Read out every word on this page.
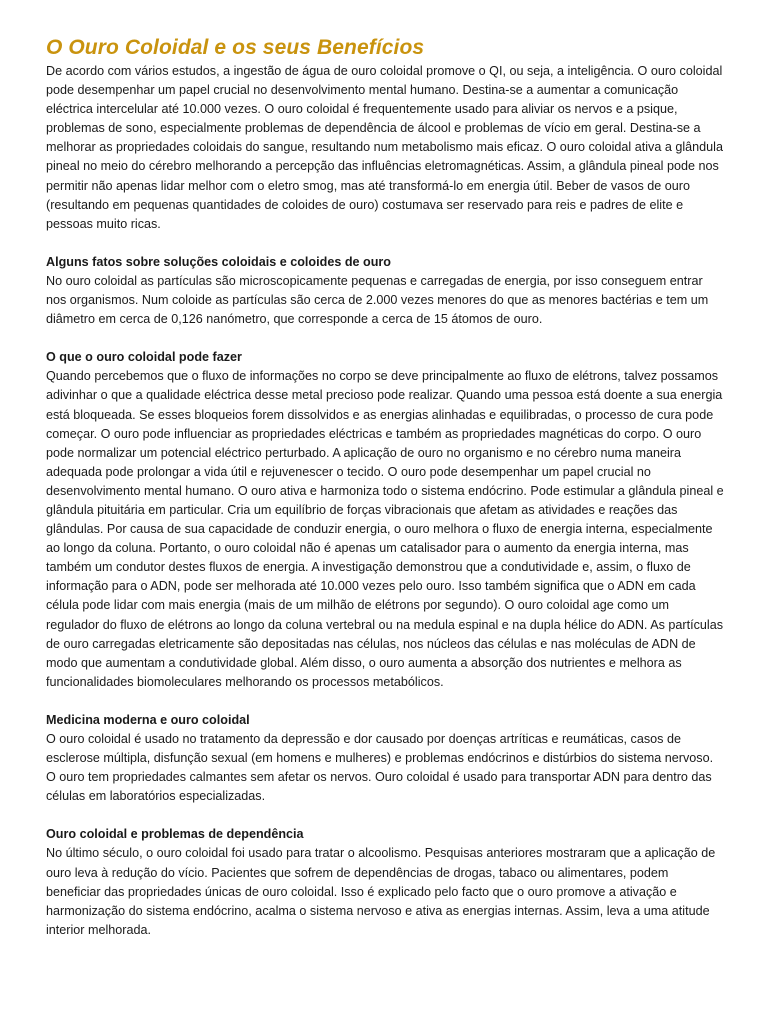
O Ouro Coloidal e os seus Benefícios

De acordo com vários estudos, a ingestão de água de ouro coloidal promove o QI, ou seja, a inteligência. O ouro coloidal pode desempenhar um papel crucial no desenvolvimento mental humano. Destina-se a aumentar a comunicação eléctrica intercelular até 10.000 vezes. O ouro coloidal é frequentemente usado para aliviar os nervos e a psique, problemas de sono, especialmente problemas de dependência de álcool e problemas de vício em geral. Destina-se a melhorar as propriedades coloidais do sangue, resultando num metabolismo mais eficaz. O ouro coloidal ativa a glândula pineal no meio do cérebro melhorando a percepção das influências eletromagnéticas. Assim, a glândula pineal pode nos permitir não apenas lidar melhor com o eletro smog, mas até transformá-lo em energia útil. Beber de vasos de ouro (resultando em pequenas quantidades de coloides de ouro) costumava ser reservado para reis e padres de elite e pessoas muito ricas.

Alguns fatos sobre soluções coloidais e coloides de ouro

No ouro coloidal as partículas são microscopicamente pequenas e carregadas de energia, por isso conseguem entrar nos organismos. Num coloide as partículas são cerca de 2.000 vezes menores do que as menores bactérias e tem um diâmetro em cerca de 0,126 nanómetro, que corresponde a cerca de 15 átomos de ouro.

O que o ouro coloidal pode fazer

Quando percebemos que o fluxo de informações no corpo se deve principalmente ao fluxo de elétrons, talvez possamos adivinhar o que a qualidade eléctrica desse metal precioso pode realizar. Quando uma pessoa está doente a sua energia está bloqueada. Se esses bloqueios forem dissolvidos e as energias alinhadas e equilibradas, o processo de cura pode começar. O ouro pode influenciar as propriedades eléctricas e também as propriedades magnéticas do corpo. O ouro pode normalizar um potencial eléctrico perturbado. A aplicação de ouro no organismo e no cérebro numa maneira adequada pode prolongar a vida útil e rejuvenescer o tecido. O ouro pode desempenhar um papel crucial no desenvolvimento mental humano. O ouro ativa e harmoniza todo o sistema endócrino. Pode estimular a glândula pineal e glândula pituitária em particular. Cria um equilíbrio de forças vibracionais que afetam as atividades e reações das glândulas. Por causa de sua capacidade de conduzir energia, o ouro melhora o fluxo de energia interna, especialmente ao longo da coluna. Portanto, o ouro coloidal não é apenas um catalisador para o aumento da energia interna, mas também um condutor destes fluxos de energia. A investigação demonstrou que a condutividade e, assim, o fluxo de informação para o ADN, pode ser melhorada até 10.000 vezes pelo ouro. Isso também significa que o ADN em cada célula pode lidar com mais energia (mais de um milhão de elétrons por segundo). O ouro coloidal age como um regulador do fluxo de elétrons ao longo da coluna vertebral ou na medula espinal e na dupla hélice do ADN. As partículas de ouro carregadas eletricamente são depositadas nas células, nos núcleos das células e nas moléculas de ADN de modo que aumentam a condutividade global. Além disso, o ouro aumenta a absorção dos nutrientes e melhora as funcionalidades biomoleculares melhorando os processos metabólicos.

Medicina moderna e ouro coloidal

O ouro coloidal é usado no tratamento da depressão e dor causado por doenças artríticas e reumáticas, casos de esclerose múltipla, disfunção sexual (em homens e mulheres) e problemas endócrinos e distúrbios do sistema nervoso. O ouro tem propriedades calmantes sem afetar os nervos. Ouro coloidal é usado para transportar ADN para dentro das células em laboratórios especializadas.

Ouro coloidal e problemas de dependência

No último século, o ouro coloidal foi usado para tratar o alcoolismo. Pesquisas anteriores mostraram que a aplicação de ouro leva à redução do vício. Pacientes que sofrem de dependências de drogas, tabaco ou alimentares, podem beneficiar das propriedades únicas de ouro coloidal. Isso é explicado pelo facto que o ouro promove a ativação e harmonização do sistema endócrino, acalma o sistema nervoso e ativa as energias internas. Assim, leva a uma atitude interior melhorada.
